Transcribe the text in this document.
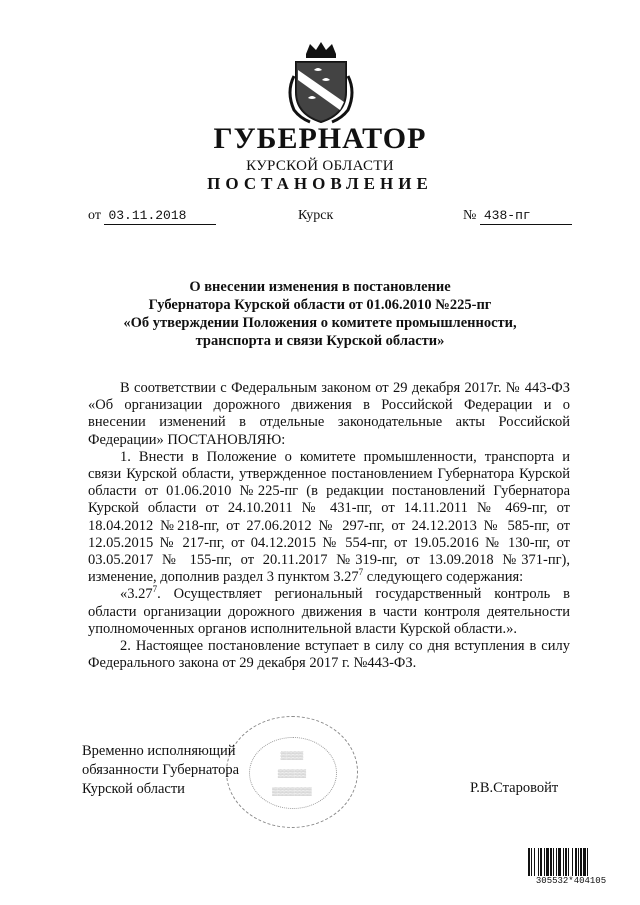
ГУБЕРНАТОР
КУРСКОЙ ОБЛАСТИ
ПОСТАНОВЛЕНИЕ
от 03.11.2018	Курск	№ 438-пг
О внесении изменения в постановление
Губернатора Курской области от 01.06.2010 №225-пг
«Об утверждении Положения о комитете промышленности,
транспорта и связи Курской области»

В соответствии с Федеральным законом от 29 декабря 2017г. № 443-ФЗ «Об организации дорожного движения в Российской Федерации и о внесении изменений в отдельные законодательные акты Российской Федерации» ПОСТАНОВЛЯЮ:

1. Внести в Положение о комитете промышленности, транспорта и связи Курской области, утвержденное постановлением Губернатора Курской области от 01.06.2010 №225-пг (в редакции постановлений Губернатора Курской области от 24.10.2011 № 431-пг, от 14.11.2011 № 469-пг, от 18.04.2012 №218-пг, от 27.06.2012 № 297-пг, от 24.12.2013 № 585-пг, от 12.05.2015 № 217-пг, от 04.12.2015 № 554-пг, от 19.05.2016 № 130-пг, от 03.05.2017 № 155-пг, от 20.11.2017 №319-пг, от 13.09.2018 №371-пг), изменение, дополнив раздел 3 пунктом 3.27$^7$ следующего содержания:

«3.27$^7$. Осуществляет региональный государственный контроль в области организации дорожного движения в части контроля деятельности уполномоченных органов исполнительной власти Курской области.».

2. Настоящее постановление вступает в силу со дня вступления в силу Федерального закона от 29 декабря 2017 г. №443-ФЗ.

▒▒▒▒
▒▒▒▒▒
▒▒▒▒▒▒▒
Временно исполняющий
обязанности Губернатора
Курской области	Р.В.Старовойт
305532*404105
